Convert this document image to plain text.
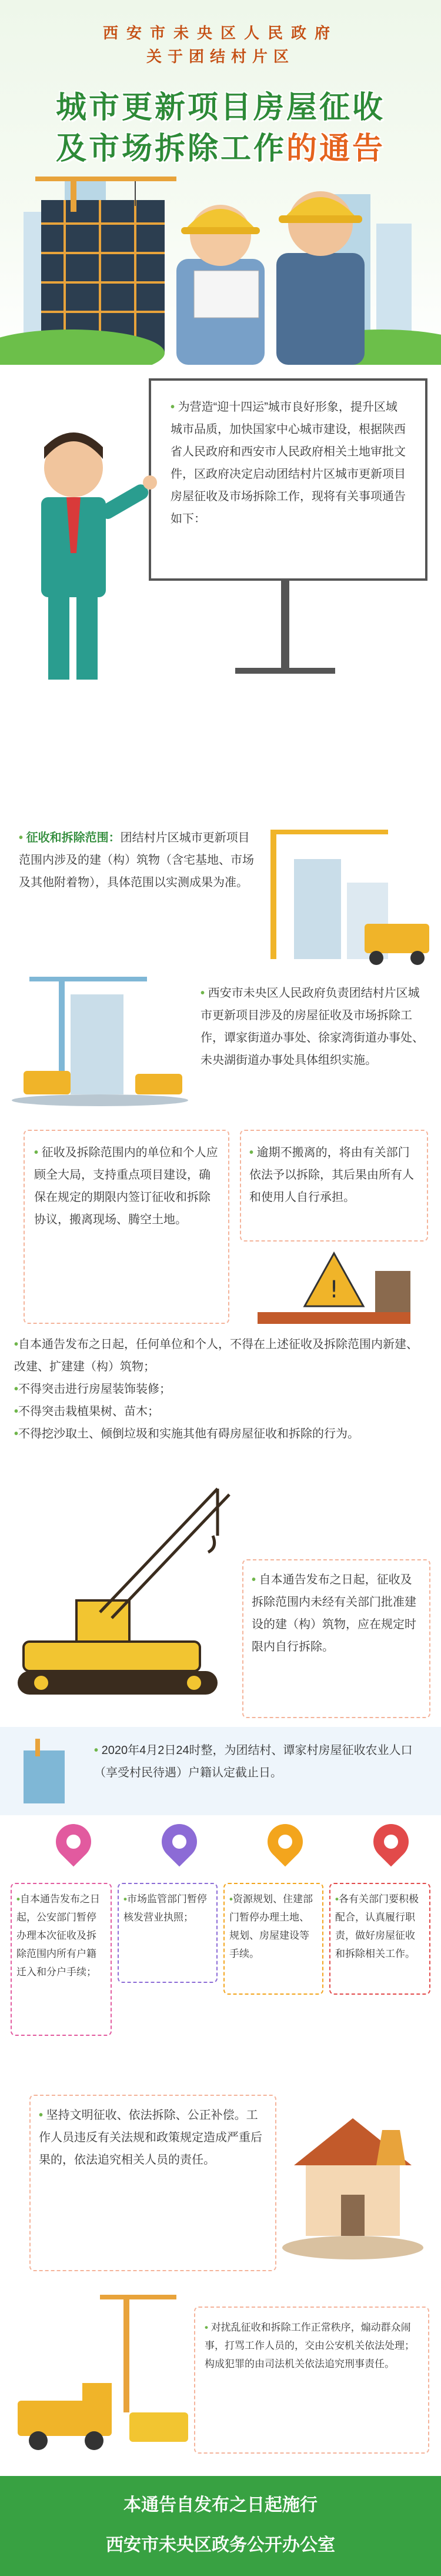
西安市未央区人民政府
关于团结村片区
城市更新项目房屋征收
及市场拆除工作的通告
• 为营造“迎十四运”城市良好形象，提升区域城市品质，加快国家中心城市建设，根据陕西省人民政府和西安市人民政府相关土地审批文件，区政府决定启动团结村片区城市更新项目房屋征收及市场拆除工作，现将有关事项通告如下：
• 征收和拆除范围：团结村片区城市更新项目范围内涉及的建（构）筑物（含宅基地、市场及其他附着物），具体范围以实测成果为准。
• 西安市未央区人民政府负责团结村片区城市更新项目涉及的房屋征收及市场拆除工作，谭家街道办事处、徐家湾街道办事处、未央湖街道办事处具体组织实施。
• 征收及拆除范围内的单位和个人应顾全大局，支持重点项目建设，确保在规定的期限内签订征收和拆除协议，搬离现场、腾空土地。
• 逾期不搬离的，将由有关部门依法予以拆除，其后果由所有人和使用人自行承担。
!
•自本通告发布之日起，任何单位和个人，不得在上述征收及拆除范围内新建、改建、扩建建（构）筑物；
•不得突击进行房屋装饰装修；
•不得突击栽植果树、苗木；
•不得挖沙取土、倾倒垃圾和实施其他有碍房屋征收和拆除的行为。
• 自本通告发布之日起，征收及拆除范围内未经有关部门批准建设的建（构）筑物，应在规定时限内自行拆除。
• 2020年4月2日24时整，为团结村、谭家村房屋征收农业人口（享受村民待遇）户籍认定截止日。
•自本通告发布之日起，公安部门暂停办理本次征收及拆除范围内所有户籍迁入和分户手续；
•市场监管部门暂停核发营业执照；
•资源规划、住建部门暂停办理土地、规划、房屋建设等手续。
•各有关部门要积极配合，认真履行职责，做好房屋征收和拆除相关工作。
• 坚持文明征收、依法拆除、公正补偿。工作人员违反有关法规和政策规定造成严重后果的，依法追究相关人员的责任。
• 对扰乱征收和拆除工作正常秩序，煽动群众闹事，打骂工作人员的，交由公安机关依法处理；构成犯罪的由司法机关依法追究刑事责任。
本通告自发布之日起施行
西安市未央区政务公开办公室
